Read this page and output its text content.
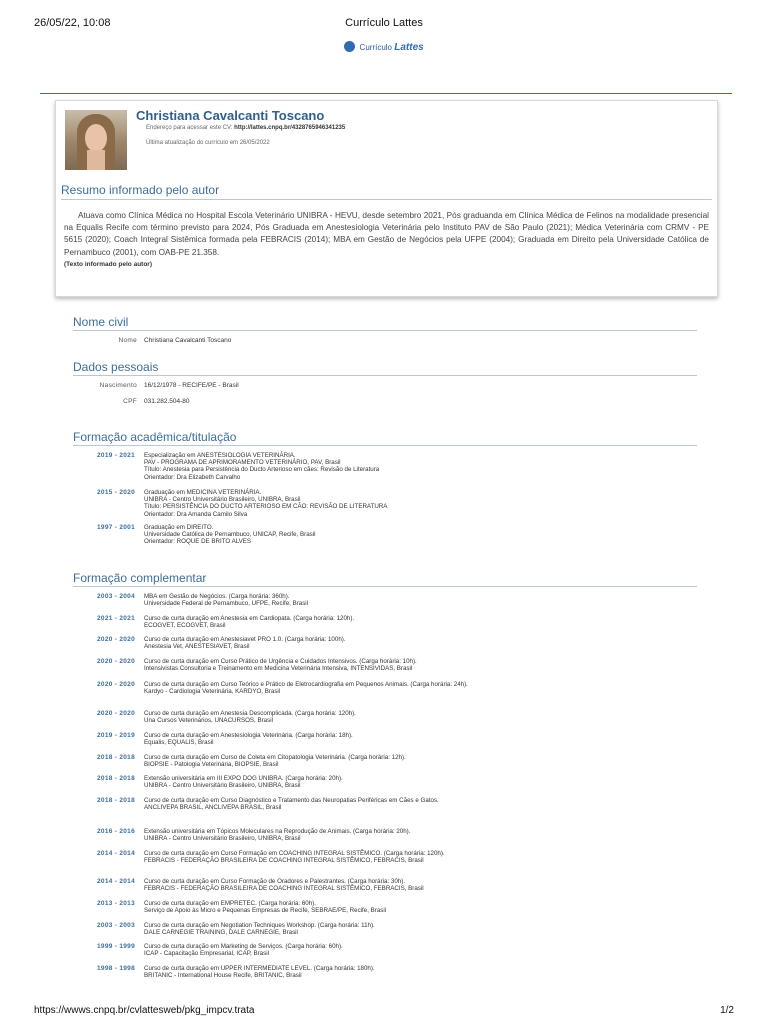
26/05/22, 10:08	Currículo Lattes
Currículo Lattes
Christiana Cavalcanti Toscano
Endereço para acessar este CV: http://lattes.cnpq.br/4328765946341235
Última atualização do currículo em 26/05/2022
Resumo informado pelo autor
Atuava como Clínica Médica no Hospital Escola Veterinário UNIBRA - HEVU, desde setembro 2021, Pós graduanda em Clínica Médica de Felinos na modalidade presencial na Equalis Recife com término previsto para 2024, Pós Graduada em Anestesiologia Veterinária pelo Instituto PAV de São Paulo (2021); Médica Veterinária com CRMV - PE 5615 (2020); Coach Integral Sistêmica formada pela FEBRACIS (2014); MBA em Gestão de Negócios pela UFPE (2004); Graduada em Direito pela Universidade Católica de Pernambuco (2001), com OAB-PE 21.358.
(Texto informado pelo autor)
Nome civil
Nome Christiana Cavalcanti Toscano
Dados pessoais
Nascimento 16/12/1978 - RECIFE/PE - Brasil
CPF 031.282.504-80
Formação acadêmica/titulação
2019 - 2021 Especialização em ANESTESIOLOGIA VETERINÁRIA.
PAV - PROGRAMA DE APRIMORAMENTO VETERINÁRIO, PAV, Brasil
Título: Anestesia para Persistência do Ducto Arterioso em cães: Revisão de Literatura
Orientador: Dra Elizabeth Carvalho
2015 - 2020 Graduação em MEDICINA VETERINÁRIA.
UNIBRA - Centro Universitário Brasileiro, UNIBRA, Brasil
Título: PERSISTÊNCIA DO DUCTO ARTERIOSO EM CÃO: REVISÃO DE LITERATURA
Orientador: Dra Amanda Camilo Silva
1997 - 2001 Graduação em DIREITO.
Universidade Católica de Pernambuco, UNICAP, Recife, Brasil
Orientador: ROQUE DE BRITO ALVES
Formação complementar
2003 - 2004 MBA em Gestão de Negócios. (Carga horária: 360h).
Universidade Federal de Pernambuco, UFPE, Recife, Brasil
2021 - 2021 Curso de curta duração em Anestesia em Cardiopata. (Carga horária: 120h).
ECOGVET, ECOGVET, Brasil
2020 - 2020 Curso de curta duração em Anestesiavet PRO 1.0. (Carga horária: 100h).
Anestesia Vet, ANESTESIAVET, Brasil
2020 - 2020 Curso de curta duração em Curso Prático de Urgência e Cuidados Intensivos. (Carga horária: 10h).
Intensivistas Consultoria e Treinamento em Medicina Veterinária Intensiva, INTENSIVIDAS, Brasil
2020 - 2020 Curso de curta duração em Curso Teórico e Prático de Eletrocardiografia em Pequenos Animais. (Carga horária: 24h).
Kardyo - Cardiologia Veterinária, KARDYO, Brasil
2020 - 2020 Curso de curta duração em Anestesia Descomplicada. (Carga horária: 120h).
Una Cursos Veterinários, UNACURSOS, Brasil
2019 - 2019 Curso de curta duração em Anestesiologia Veterinária. (Carga horária: 18h).
Equalis, EQUALIS, Brasil
2018 - 2018 Curso de curta duração em Curso de Coleta em Citopatologia Veterinária. (Carga horária: 12h).
BIOPSIE - Patologia Veterinária, BIOPSIE, Brasil
2018 - 2018 Extensão universitária em III EXPO DOG UNIBRA. (Carga horária: 20h).
UNIBRA - Centro Universitário Brasileiro, UNIBRA, Brasil
2018 - 2018 Curso de curta duração em Curso Diagnóstico e Tratamento das Neuropatias Periféricas em Cães e Gatos.
ANCLIVEPA BRASIL, ANCLIVEPA BRASIL, Brasil
2016 - 2016 Extensão universitária em Tópicos Moleculares na Reprodução de Animais. (Carga horária: 20h).
UNIBRA - Centro Universitário Brasileiro, UNIBRA, Brasil
2014 - 2014 Curso de curta duração em Curso Formação em COACHING INTEGRAL SISTÊMICO. (Carga horária: 120h).
FEBRACIS - FEDERAÇÃO BRASILEIRA DE COACHING INTEGRAL SISTÊMICO, FEBRACIS, Brasil
2014 - 2014 Curso de curta duração em Curso Formação de Oradores e Palestrantes. (Carga horária: 30h).
FEBRACIS - FEDERAÇÃO BRASILEIRA DE COACHING INTEGRAL SISTÊMICO, FEBRACIS, Brasil
2013 - 2013 Curso de curta duração em EMPRETEC. (Carga horária: 60h).
Serviço de Apoio às Micro e Pequenas Empresas de Recife, SEBRAE/PE, Recife, Brasil
2003 - 2003 Curso de curta duração em Negotiation Techniques Workshop. (Carga horária: 11h).
DALE CARNEGIE TRAINING, DALE CARNEGIE, Brasil
1999 - 1999 Curso de curta duração em Marketing de Serviços. (Carga horária: 60h).
ICAP - Capacitação Empresarial, ICAP, Brasil
1998 - 1998 Curso de curta duração em UPPER INTERMEDIATE LEVEL. (Carga horária: 180h).
BRITANIC - International House Recife, BRITANIC, Brasil
https://wwws.cnpq.br/cvlattesweb/pkg_impcv.trata	1/2
